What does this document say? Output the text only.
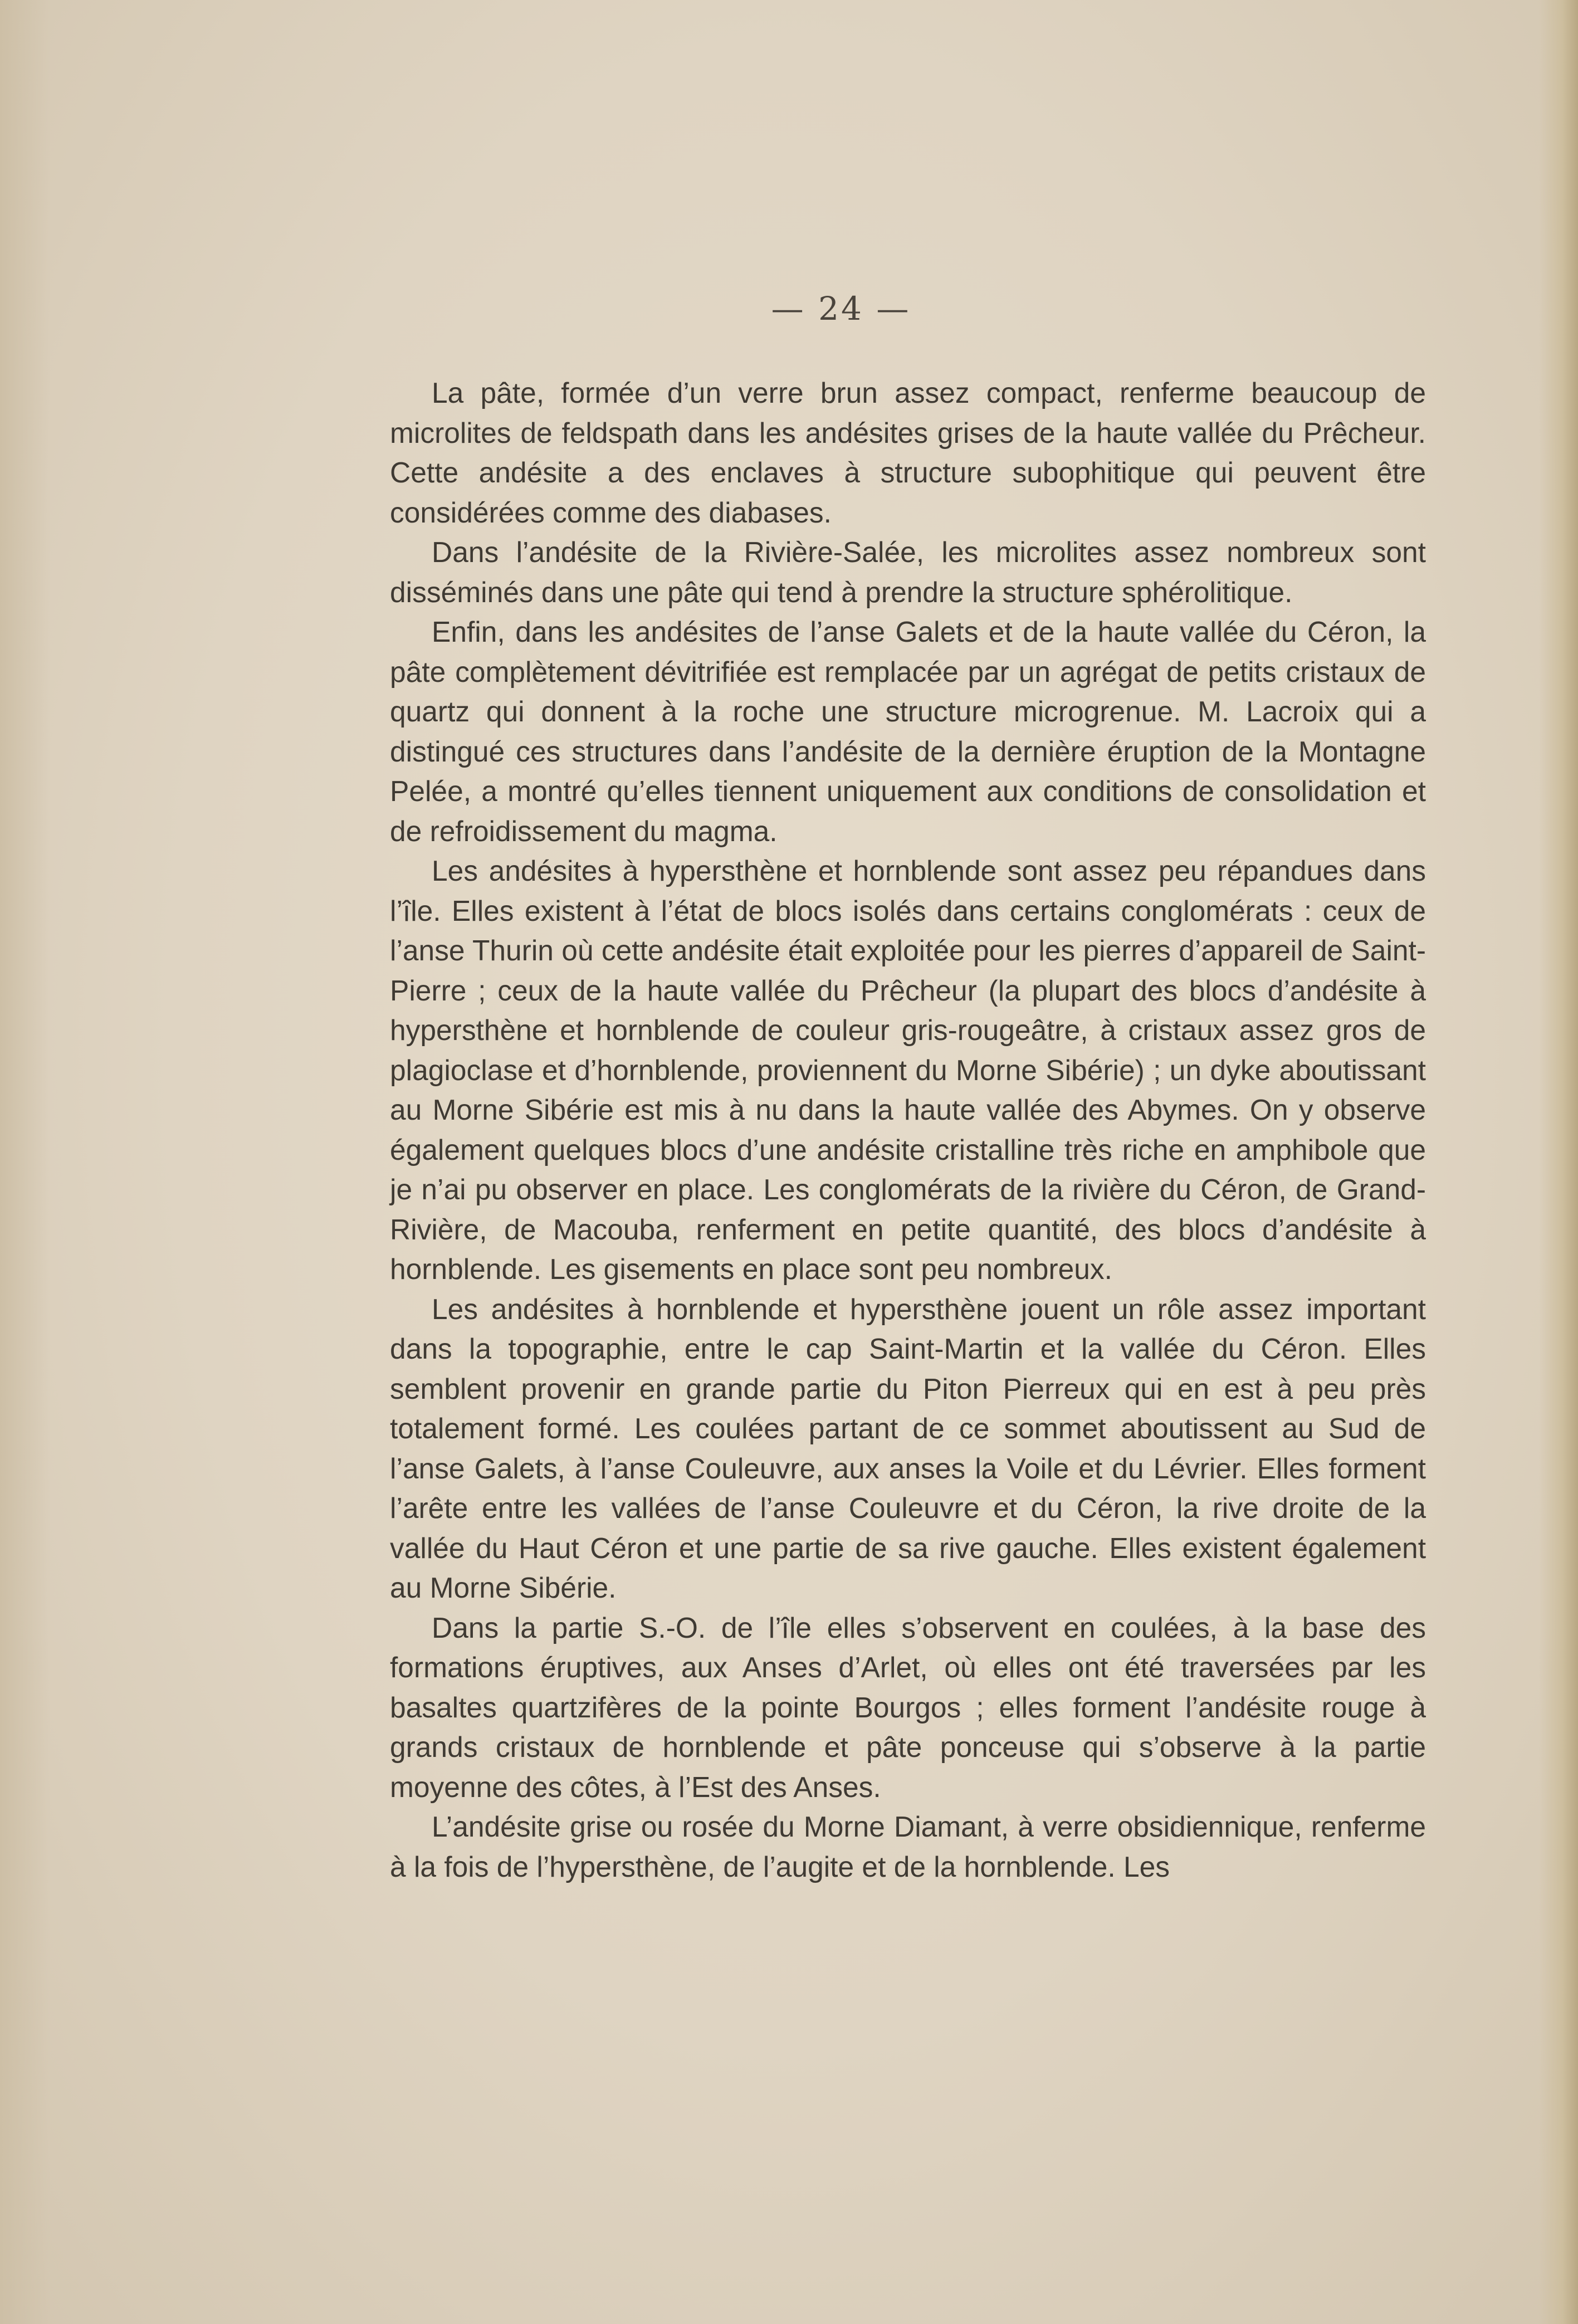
— 24 —

La pâte, formée d’un verre brun assez compact, renferme beaucoup de microlites de feldspath dans les andésites grises de la haute vallée du Prêcheur. Cette andésite a des enclaves à structure subophitique qui peuvent être considérées comme des diabases.

Dans l’andésite de la Rivière-Salée, les microlites assez nombreux sont disséminés dans une pâte qui tend à prendre la structure sphérolitique.

Enfin, dans les andésites de l’anse Galets et de la haute vallée du Céron, la pâte complètement dévitrifiée est remplacée par un agrégat de petits cristaux de quartz qui donnent à la roche une structure microgrenue. M. Lacroix qui a distingué ces structures dans l’andésite de la dernière éruption de la Montagne Pelée, a montré qu’elles tiennent uniquement aux conditions de consolidation et de refroidissement du magma.

Les andésites à hypersthène et hornblende sont assez peu répandues dans l’île. Elles existent à l’état de blocs isolés dans certains conglomérats : ceux de l’anse Thurin où cette andésite était exploitée pour les pierres d’appareil de Saint-Pierre ; ceux de la haute vallée du Prêcheur (la plupart des blocs d’andésite à hypersthène et hornblende de couleur gris-rougeâtre, à cristaux assez gros de plagioclase et d’hornblende, proviennent du Morne Sibérie) ; un dyke aboutissant au Morne Sibérie est mis à nu dans la haute vallée des Abymes. On y observe également quelques blocs d’une andésite cristalline très riche en amphibole que je n’ai pu observer en place. Les conglomérats de la rivière du Céron, de Grand-Rivière, de Macouba, renferment en petite quantité, des blocs d’andésite à hornblende. Les gisements en place sont peu nombreux.

Les andésites à hornblende et hypersthène jouent un rôle assez important dans la topographie, entre le cap Saint-Martin et la vallée du Céron. Elles semblent provenir en grande partie du Piton Pierreux qui en est à peu près totalement formé. Les coulées partant de ce sommet aboutissent au Sud de l’anse Galets, à l’anse Couleuvre, aux anses la Voile et du Lévrier. Elles forment l’arête entre les vallées de l’anse Couleuvre et du Céron, la rive droite de la vallée du Haut Céron et une partie de sa rive gauche. Elles existent également au Morne Sibérie.

Dans la partie S.-O. de l’île elles s’observent en coulées, à la base des formations éruptives, aux Anses d’Arlet, où elles ont été traversées par les basaltes quartzifères de la pointe Bourgos ; elles forment l’andésite rouge à grands cristaux de hornblende et pâte ponceuse qui s’observe à la partie moyenne des côtes, à l’Est des Anses.

L’andésite grise ou rosée du Morne Diamant, à verre obsidiennique, renferme à la fois de l’hypersthène, de l’augite et de la hornblende. Les
